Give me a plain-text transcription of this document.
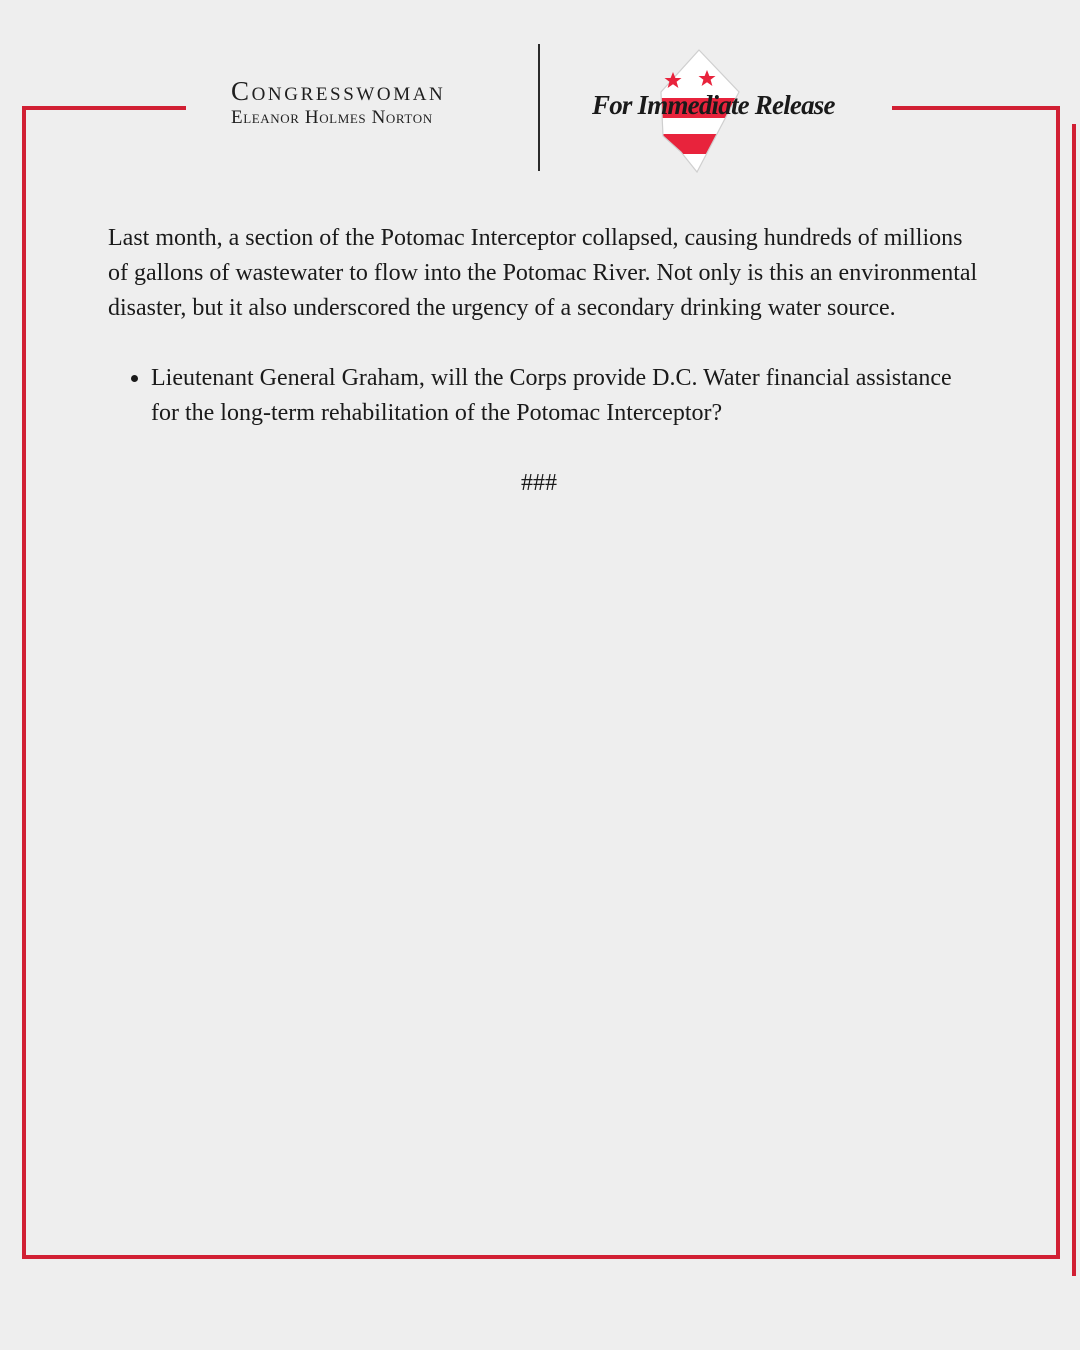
Congresswoman
Eleanor Holmes Norton	For Immediate Release

Last month, a section of the Potomac Interceptor collapsed, causing hundreds of millions of gallons of wastewater to flow into the Potomac River. Not only is this an environmental disaster, but it also underscored the urgency of a secondary drinking water source.

• Lieutenant General Graham, will the Corps provide D.C. Water financial assistance for the long-term rehabilitation of the Potomac Interceptor?
###
